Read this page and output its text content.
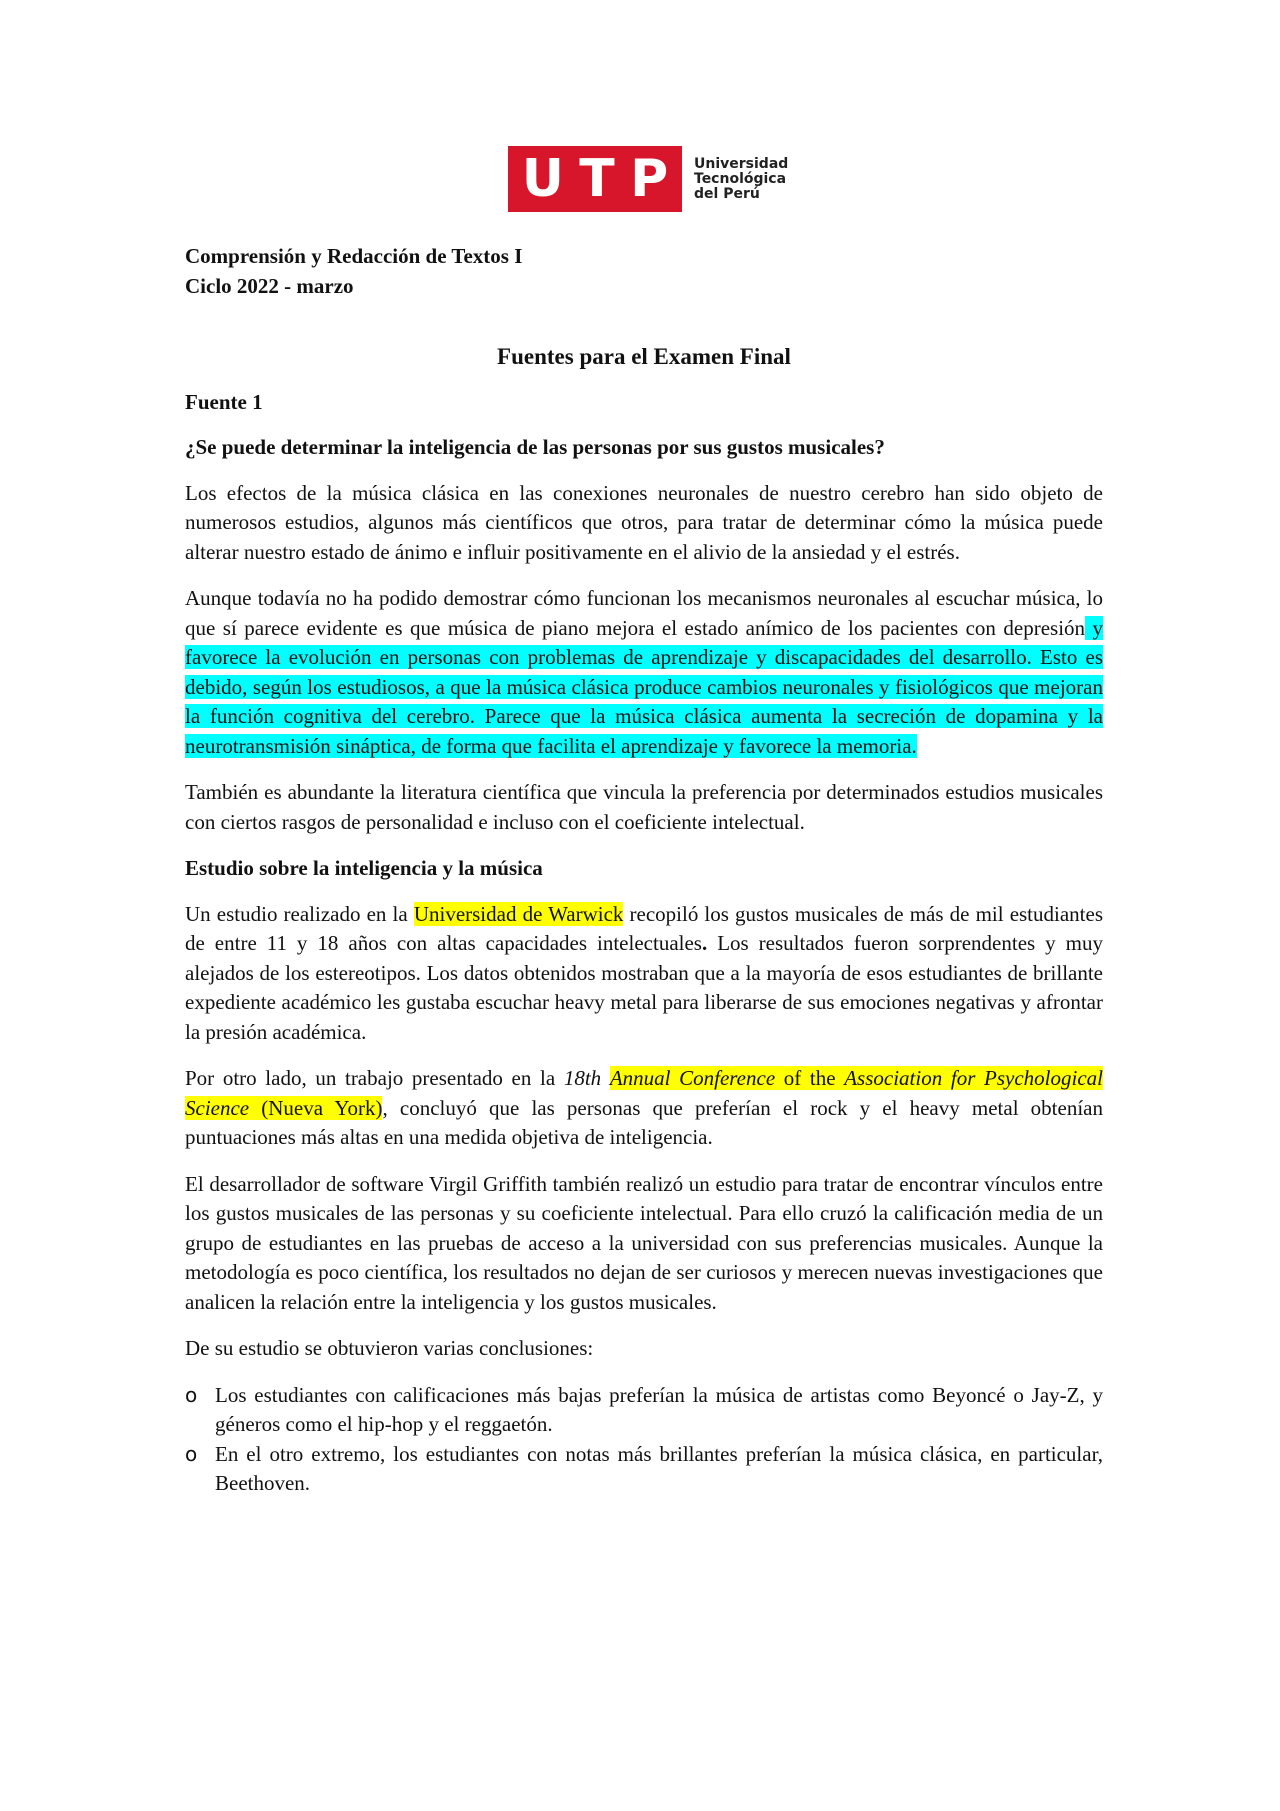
U T P Universidad
Tecnológica
del Perú

Comprensión y Redacción de Textos I

Ciclo 2022 - marzo

Fuentes para el Examen Final

Fuente 1

¿Se puede determinar la inteligencia de las personas por sus gustos musicales?

Los efectos de la música clásica en las conexiones neuronales de nuestro cerebro han sido objeto de numerosos estudios, algunos más científicos que otros, para tratar de determinar cómo la música puede alterar nuestro estado de ánimo e influir positivamente en el alivio de la ansiedad y el estrés.

Aunque todavía no ha podido demostrar cómo funcionan los mecanismos neuronales al escuchar música, lo que sí parece evidente es que música de piano mejora el estado anímico de los pacientes con depresión y favorece la evolución en personas con problemas de aprendizaje y discapacidades del desarrollo. Esto es debido, según los estudiosos, a que la música clásica produce cambios neuronales y fisiológicos que mejoran la función cognitiva del cerebro. Parece que la música clásica aumenta la secreción de dopamina y la neurotransmisión sináptica, de forma que facilita el aprendizaje y favorece la memoria.

También es abundante la literatura científica que vincula la preferencia por determinados estudios musicales con ciertos rasgos de personalidad e incluso con el coeficiente intelectual.

Estudio sobre la inteligencia y la música

Un estudio realizado en la Universidad de Warwick recopiló los gustos musicales de más de mil estudiantes de entre 11 y 18 años con altas capacidades intelectuales. Los resultados fueron sorprendentes y muy alejados de los estereotipos. Los datos obtenidos mostraban que a la mayoría de esos estudiantes de brillante expediente académico les gustaba escuchar heavy metal para liberarse de sus emociones negativas y afrontar la presión académica.

Por otro lado, un trabajo presentado en la 18th Annual Conference of the Association for Psychological Science (Nueva York), concluyó que las personas que preferían el rock y el heavy metal obtenían puntuaciones más altas en una medida objetiva de inteligencia.

El desarrollador de software Virgil Griffith también realizó un estudio para tratar de encontrar vínculos entre los gustos musicales de las personas y su coeficiente intelectual. Para ello cruzó la calificación media de un grupo de estudiantes en las pruebas de acceso a la universidad con sus preferencias musicales. Aunque la metodología es poco científica, los resultados no dejan de ser curiosos y merecen nuevas investigaciones que analicen la relación entre la inteligencia y los gustos musicales.

De su estudio se obtuvieron varias conclusiones:

o Los estudiantes con calificaciones más bajas preferían la música de artistas como Beyoncé o Jay-Z, y géneros como el hip-hop y el reggaetón.
o En el otro extremo, los estudiantes con notas más brillantes preferían la música clásica, en particular, Beethoven.
